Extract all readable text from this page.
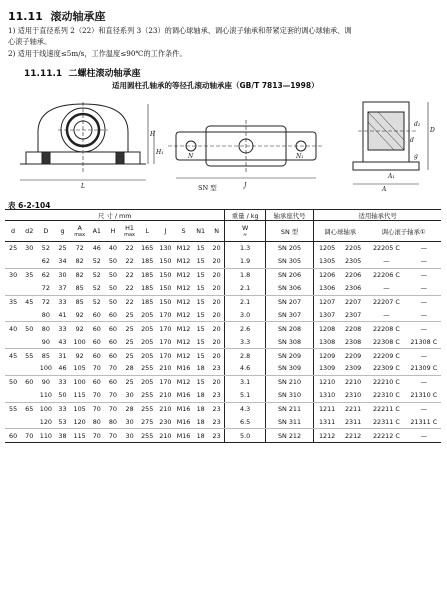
11.11 滚动轴承座
1) 适用于直径系列 2（22）和直径系列 3（23）的调心球轴承、调心滚子轴承和带紧定套的调心球轴承、调
心滚子轴承。
2) 适用于线速度≤5m/s，工作温度≤90℃的工作条件。
11.11.1 二螺柱滚动轴承座
适用圆柱孔轴承的等径孔滚动轴承座（GB/T 7813—1998）
L
H
H₁
J
N	N₁
A
A₁
D
d₂
d
g
SN 型
表 6-2-104
尺 寸 / mm													重量 / kg	轴承座代号	适用轴承代号			
d	d2	D	g	A
max	A1	H	H1
max	L	J	S	N1	N	W
≈	SN 型	调心球轴承		调心滚子轴承①	
25	30	52	25	72	46	40	22	165	130	M12	15	20	1.3	SN 205	1205	2205	22205 C	—
		62	34	82	52	50	22	185	150	M12	15	20	1.9	SN 305	1305	2305	—	—
30	35	62	30	82	52	50	22	185	150	M12	15	20	1.8	SN 206	1206	2206	22206 C	—
		72	37	85	52	50	22	185	150	M12	15	20	2.1	SN 306	1306	2306	—	—
35	45	72	33	85	52	50	22	185	150	M12	15	20	2.1	SN 207	1207	2207	22207 C	—
		80	41	92	60	60	25	205	170	M12	15	20	3.0	SN 307	1307	2307	—	—
40	50	80	33	92	60	60	25	205	170	M12	15	20	2.6	SN 208	1208	2208	22208 C	—
		90	43	100	60	60	25	205	170	M12	15	20	3.3	SN 308	1308	2308	22308 C	21308 C
45	55	85	31	92	60	60	25	205	170	M12	15	20	2.8	SN 209	1209	2209	22209 C	—
		100	46	105	70	70	28	255	210	M16	18	23	4.6	SN 309	1309	2309	22309 C	21309 C
50	60	90	33	100	60	60	25	205	170	M12	15	20	3.1	SN 210	1210	2210	22210 C	—
		110	50	115	70	70	30	255	210	M16	18	23	5.1	SN 310	1310	2310	22310 C	21310 C
55	65	100	33	105	70	70	28	255	210	M16	18	23	4.3	SN 211	1211	2211	22211 C	—
		120	53	120	80	80	30	275	230	M16	18	23	6.5	SN 311	1311	2311	22311 C	21311 C
60	70	110	38	115	70	70	30	255	210	M16	18	23	5.0	SN 212	1212	2212	22212 C	—
